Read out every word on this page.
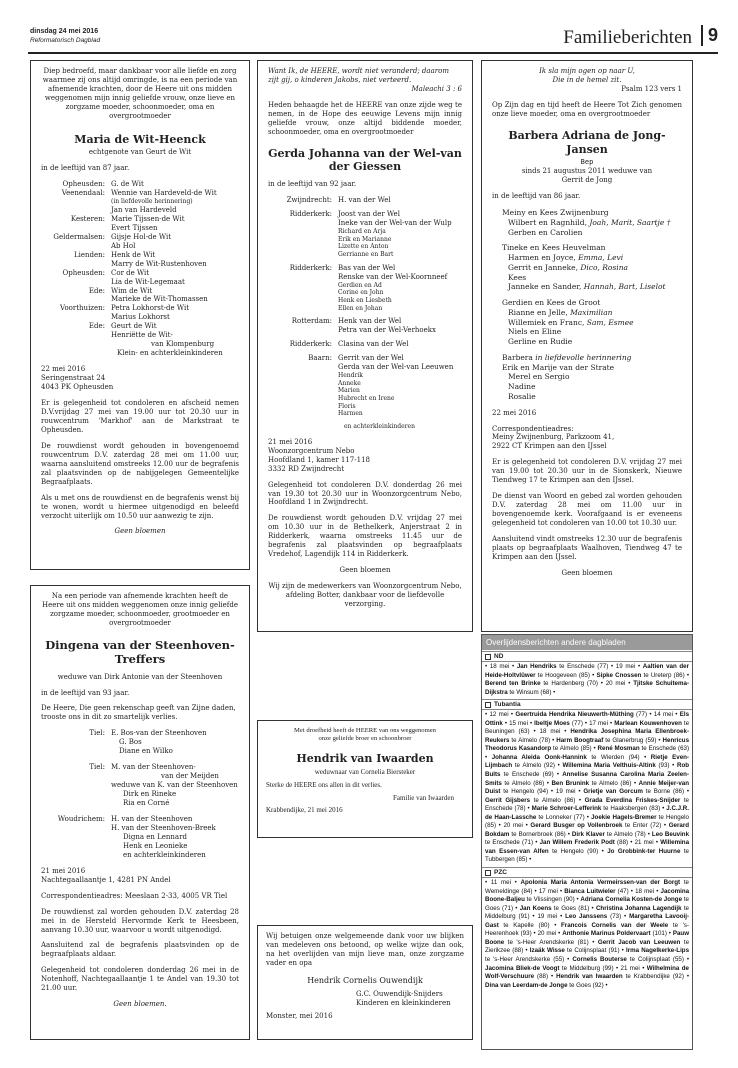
dinsdag 24 mei 2016
Reformatorisch Dagblad	Familieberichten 9

Diep bedroefd, maar dankbaar voor alle liefde en zorg waarmee zij ons altijd omringde, is na een periode van afnemende krachten, door de Heere uit ons midden weggenomen mijn innig geliefde vrouw, onze lieve en zorgzame moeder, schoonmoeder, oma en overgrootmoeder

Maria de Wit-Heenck

echtgenote van Geurt de Wit

in de leeftijd van 87 jaar.

Opheusden: G. de Wit

Veenendaal: Wennie van Hardeveld-de Wit

(in liefdevolle herinnering)

Jan van Hardeveld

Kesteren: Marie Tijssen-de Wit

Evert Tijssen

Geldermalsen: Gijsje Hol-de Wit

Ab Hol

Lienden: Henk de Wit

Marry de Wit-Rustenhoven

Opheusden: Cor de Wit

Lia de Wit-Legemaat

Ede: Wim de Wit

Marieke de Wit-Thomassen

Voorthuizen: Petra Lokhorst-de Wit

Marius Lokhorst

Ede: Geurt de Wit

Henriëtte de Wit-

van Klompenburg

Klein- en achterkleinkinderen

22 mei 2016

Seringenstraat 24

4043 PK Opheusden

Er is gelegenheid tot condoleren en afscheid nemen D.V.vrijdag 27 mei van 19.00 uur tot 20.30 uur in rouwcentrum 'Markhof' aan de Markstraat te Opheusden.

De rouwdienst wordt gehouden in bovengenoemd rouwcentrum D.V. zaterdag 28 mei om 11.00 uur, waarna aansluitend omstreeks 12.00 uur de begrafenis zal plaatsvinden op de nabijgelegen Gemeentelijke Begraafplaats.

Als u met ons de rouwdienst en de begrafenis wenst bij te wonen, wordt u hiermee uitgenodigd en beleefd verzocht uiterlijk om 10.50 uur aanwezig te zijn.

Geen bloemen

Want Ik, de HEERE, wordt niet veranderd; daarom zijt gij, o kinderen Jakobs, niet verteerd.

Maleachi 3 : 6

Heden behaagde het de HEERE van onze zijde weg te nemen, in de Hope des eeuwige Levens mijn innig geliefde vrouw, onze altijd biddende moeder, schoonmoeder, oma en overgrootmoeder

Gerda Johanna van der Wel-van der Giessen

in de leeftijd van 92 jaar.

Zwijndrecht: H. van der Wel

Ridderkerk: Joost van der Wel

Ineke van der Wel-van der Wulp

Richard en Arja

Erik en Marianne

Lizette en Anton

Gerrianne en Bart

Ridderkerk: Bas van der Wel

Renske van der Wel-Koornneef

Gerdien en Ad

Corine en John

Henk en Liesbeth

Ellen en Johan

Rotterdam: Henk van der Wel

Petra van der Wel-Verhoekx

Ridderkerk: Clasina van der Wel

Baarn: Gerrit van der Wel

Gerda van der Wel-van Leeuwen

Hendrik

Anneke

Marien

Hubrecht en Irene

Floris

Harmen

en achterkleinkinderen

21 mei 2016

Woonzorgcentrum Nebo

Hoofdland 1, kamer 117-118

3332 RD Zwijndrecht

Gelegenheid tot condoleren D.V. donderdag 26 mei van 19.30 tot 20.30 uur in Woonzorgcentrum Nebo, Hoofdland 1 in Zwijndrecht.

De rouwdienst wordt gehouden D.V. vrijdag 27 mei om 10.30 uur in de Bethelkerk, Anjerstraat 2 in Ridderkerk, waarna omstreeks 11.45 uur de begrafenis zal plaatsvinden op begraafplaats Vredehof, Lagendijk 114 in Ridderkerk.

Geen bloemen

Wij zijn de medewerkers van Woonzorgcentrum Nebo, afdeling Botter, dankbaar voor de liefdevolle verzorging.

Ik sla mijn ogen op naar U,

Die in de hemel zit.

Psalm 123 vers 1

Op Zijn dag en tijd heeft de Heere Tot Zich genomen onze lieve moeder, oma en overgrootmoeder

Barbera Adriana de Jong-Jansen

Bep

sinds 21 augustus 2011 weduwe van

Gerrit de Jong

in de leeftijd van 86 jaar.

Meiny en Kees Zwijnenburg

Wilbert en Ragnhild, Joah, Marit, Saartje †

Gerben en Carolien

Tineke en Kees Heuvelman

Harmen en Joyce, Emma, Levi

Gerrit en Janneke, Dico, Rosina

Kees

Janneke en Sander, Hannah, Bart, Liselot

Gerdien en Kees de Groot

Rianne en Jelle, Maximilian

Willemiek en Franc, Sam, Esmee

Niels en Eline

Gerline en Rudie

Barbera in liefdevolle herinnering

Erik en Marije van der Strate

Merel en Sergio

Nadine

Rosalie

22 mei 2016

Correspondentieadres:

Meiny Zwijnenburg, Parkzoom 41,

2922 CT Krimpen aan den IJssel

Er is gelegenheid tot condoleren D.V. vrijdag 27 mei van 19.00 tot 20.30 uur in de Sionskerk, Nieuwe Tiendweg 17 te Krimpen aan den IJssel.

De dienst van Woord en gebed zal worden gehouden D.V. zaterdag 28 mei om 11.00 uur in bovengenoemde kerk. Voorafgaand is er eveneens gelegenheid tot condoleren van 10.00 tot 10.30 uur.

Aansluitend vindt omstreeks 12.30 uur de begrafenis plaats op begraafplaats Waalhoven, Tiendweg 47 te Krimpen aan den IJssel.

Geen bloemen

Na een periode van afnemende krachten heeft de Heere uit ons midden weggenomen onze innig geliefde zorgzame moeder, schoonmoeder, grootmoeder en overgrootmoeder

Dingena van der Steenhoven-Treffers

weduwe van Dirk Antonie van der Steenhoven

in de leeftijd van 93 jaar.

De Heere, Die geen rekenschap geeft van Zijne daden, trooste ons in dit zo smartelijk verlies.

Tiel: E. Bos-van der Steenhoven

G. Bos

Diane en Wilko

Tiel: M. van der Steenhoven-

van der Meijden

weduwe van K. van der Steenhoven

Dirk en Rineke

Ria en Corné

Woudrichem: H. van der Steenhoven

H. van der Steenhoven-Breek

Digna en Lennard

Henk en Leonieke

en achterkleinkinderen

21 mei 2016

Nachtegaallaantje 1, 4281 PN Andel

Correspondentieadres: Meeslaan 2-33, 4005 VR Tiel

De rouwdienst zal worden gehouden D.V. zaterdag 28 mei in de Hersteld Hervormde Kerk te Heesbeen, aanvang 10.30 uur, waarvoor u wordt uitgenodigd.

Aansluitend zal de begrafenis plaatsvinden op de begraafplaats aldaar.

Gelegenheid tot condoleren donderdag 26 mei in de Notenhoff, Nachtegaallaantje 1 te Andel van 19.30 tot 21.00 uur.

Geen bloemen.

Met droefheid heeft de HEERE van ons weggenomen

onze geliefde broer en schoonbroer

Hendrik van Iwaarden

weduwnaar van Cornelia Biersteker

Sterke de HEERE ons allen in dit verlies.

Familie van Iwaarden

Krabbendijke, 21 mei 2016

Wij betuigen onze welgemeende dank voor uw blijken van medeleven ons betoond, op welke wijze dan ook, na het overlijden van mijn lieve man, onze zorgzame vader en opa

Hendrik Cornelis Ouwendijk

G.C. Ouwendijk-Snijders

Kinderen en kleinkinderen

Monster, mei 2016

Overlijdensberichten andere dagbladen
ND
• 18 mei • Jan Hendriks te Enschede (77) • 19 mei • Aaltien van der Heide-Holtvlüwer te Hoogeveen (85) • Sipke Cnossen te Ureterp (86) • Berend ten Brinke te Hardenberg (70) • 20 mei • Tjitske Schuitema-Dijkstra te Winsum (68) •
Tubantia
• 12 mei • Geertruida Hendrika Nieuwerth-Müthing (77) • 14 mei • Els Ottink • 15 mei • Ibeltje Moes (77) • 17 mei • Marlean Kouwenhoven te Beuningen (63) • 18 mei • Hendrika Josephina Maria Ellenbroek-Reukers te Almelo (78) • Harm Boogtraaf te Glanerbrug (59) • Henricus Theodorus Kasandorp te Almelo (85) • René Mosman te Enschede (63) • Johanna Aleida Oonk-Hannink te Wierden (94) • Rietje Even-Lijmbach te Almelo (92) • Willemina Maria Velthuis-Altink (93) • Rob Bults te Enschede (69) • Annelise Susanna Carolina Maria Zeelen-Smits te Almelo (86) • Ben Brunink te Almelo (86) • Annie Meijer-van Duist te Hengelo (94) • 19 mei • Grietje van Gorcum te Borne (86) • Gerrit Gijsbers te Almelo (86) • Grada Everdina Friskes-Snijder te Enschede (78) • Marie Schroer-Lefferink te Haaksbergen (83) • J.C.J.R. de Haan-Lassche te Lonneker (77) • Joekie Hagels-Bremer te Hengelo (85) • 20 mei • Gerard Busger op Vollenbroek te Enter (72) • Gerard Bokdam te Bornerbroek (86) • Dirk Klaver te Almelo (78) • Leo Beuvink te Enschede (71) • Jan Willem Frederik Podt (88) • 21 mei • Willemina van Essen-van Alfen te Hengelo (90) • Jo Grobbink-ter Huurne te Tubbergen (85) •
PZC
• 11 mei • Apolonia Maria Antonia Vermeirssen-van der Borgt te Wemeldinge (84) • 17 mei • Bianca Luitwieler (47) • 18 mei • Jacomina Boone-Baljeu te Vlissingen (90) • Adriana Cornelia Kosten-de Jonge te Goes (71) • Jan Koens te Goes (81) • Christina Johanna Lagendijk te Middelburg (91) • 19 mei • Leo Janssens (73) • Margaretha Lavooij-Gast te Kapelle (80) • Francois Cornelis van der Weele te 's-Heerenhoek (93) • 20 mei • Anthonie Marinus Poldervaart (101) • Pauw Boone te 's-Heer Arendskerke (81) • Gerrit Jacob van Leeuwen te Zierikzee (88) • Izaäk Wisse te Colijnsplaat (91) • Irma Nagelkerke-Lips te 's-Heer Arendskerke (55) • Cornelis Bouterse te Colijnsplaat (55) • Jacomina Bliek-de Voogt te Middelburg (99) • 21 mei • Wilhelmina de Wolf-Verschuure (88) • Hendrik van Iwaarden te Krabbendijke (92) • Dina van Leerdam-de Jonge te Goes (92) •
